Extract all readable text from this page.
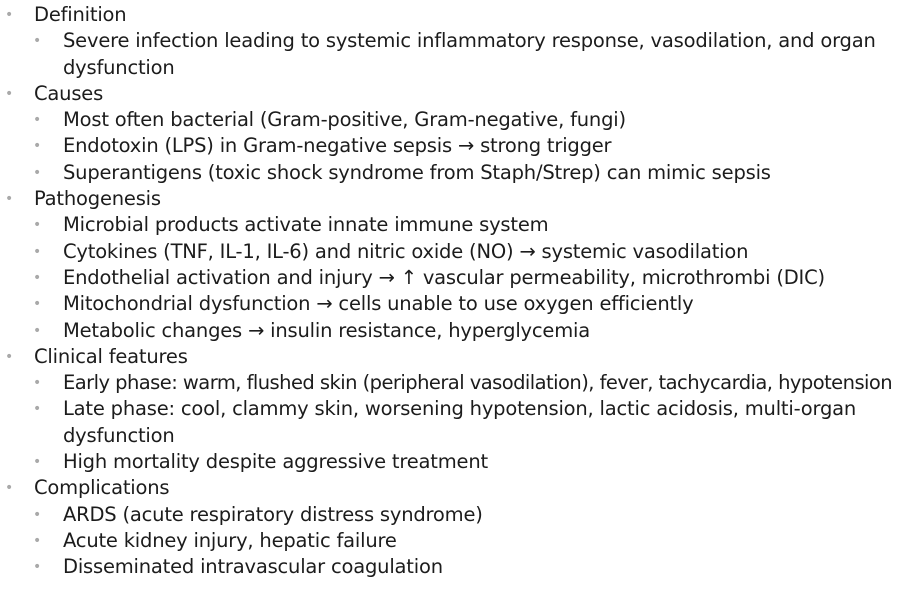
• Definition
• Severe infection leading to systemic inflammatory response, vasodilation, and organ dysfunction
• Causes
• Most often bacterial (Gram-positive, Gram-negative, fungi)
• Endotoxin (LPS) in Gram-negative sepsis → strong trigger
• Superantigens (toxic shock syndrome from Staph/Strep) can mimic sepsis
• Pathogenesis
• Microbial products activate innate immune system
• Cytokines (TNF, IL-1, IL-6) and nitric oxide (NO) → systemic vasodilation
• Endothelial activation and injury → ↑ vascular permeability, microthrombi (DIC)
• Mitochondrial dysfunction → cells unable to use oxygen efficiently
• Metabolic changes → insulin resistance, hyperglycemia
• Clinical features
• Early phase: warm, flushed skin (peripheral vasodilation), fever, tachycardia, hypotension
• Late phase: cool, clammy skin, worsening hypotension, lactic acidosis, multi-organ dysfunction
• High mortality despite aggressive treatment
• Complications
• ARDS (acute respiratory distress syndrome)
• Acute kidney injury, hepatic failure
• Disseminated intravascular coagulation
